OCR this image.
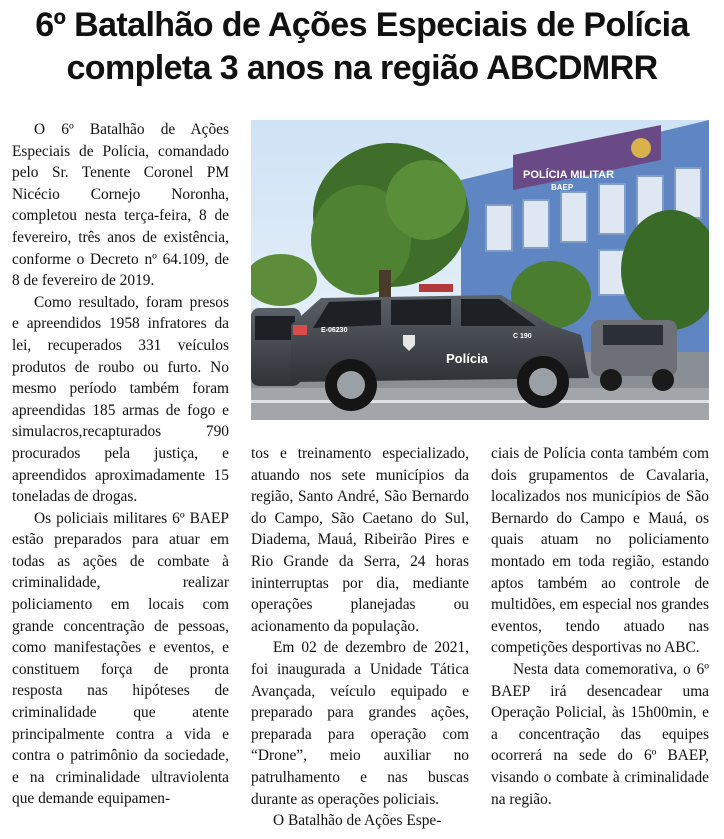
6º Batalhão de Ações Especiais de Polícia
completa 3 anos na região ABCDMRR

O 6º Batalhão de Ações Especiais de Polícia, comandado pelo Sr. Tenente Coronel PM Nicécio Cornejo Noronha, completou nesta terça-feira, 8 de fevereiro, três anos de existência, conforme o Decreto nº 64.109, de 8 de fevereiro de 2019.

Como resultado, foram presos e apreendidos 1958 infratores da lei, recuperados 331 veículos produtos de roubo ou furto. No mesmo período também foram apreendidas 185 armas de fogo e simulacros,recapturados 790 procurados pela justiça, e apreendidos aproximadamente 15 toneladas de drogas.

Os policiais militares 6º BAEP estão preparados para atuar em todas as ações de combate à criminalidade, realizar policiamento em locais com grande concentração de pessoas, como manifestações e eventos, e constituem força de pronta resposta nas hipóteses de criminalidade que atente principalmente contra a vida e contra o patrimônio da sociedade, e na criminalidade ultraviolenta que demande equipamen-

POLÍCIA MILITAR
BAEP
E-06230
C 190
Polícia

tos e treinamento especializado, atuando nos sete municípios da região, Santo André, São Bernardo do Campo, São Caetano do Sul, Diadema, Mauá, Ribeirão Pires e Rio Grande da Serra, 24 horas ininterruptas por dia, mediante operações planejadas ou acionamento da população.

Em 02 de dezembro de 2021, foi inaugurada a Unidade Tática Avançada, veículo equipado e preparado para grandes ações, preparada para operação com “Drone”, meio auxiliar no patrulhamento e nas buscas durante as operações policiais.

O Batalhão de Ações Espe-

ciais de Polícia conta também com dois grupamentos de Cavalaria, localizados nos municípios de São Bernardo do Campo e Mauá, os quais atuam no policiamento montado em toda região, estando aptos também ao controle de multidões, em especial nos grandes eventos, tendo atuado nas competições desportivas no ABC.

Nesta data comemorativa, o 6º BAEP irá desencadear uma Operação Policial, às 15h00min, e a concentração das equipes ocorrerá na sede do 6º BAEP, visando o combate à criminalidade na região.
